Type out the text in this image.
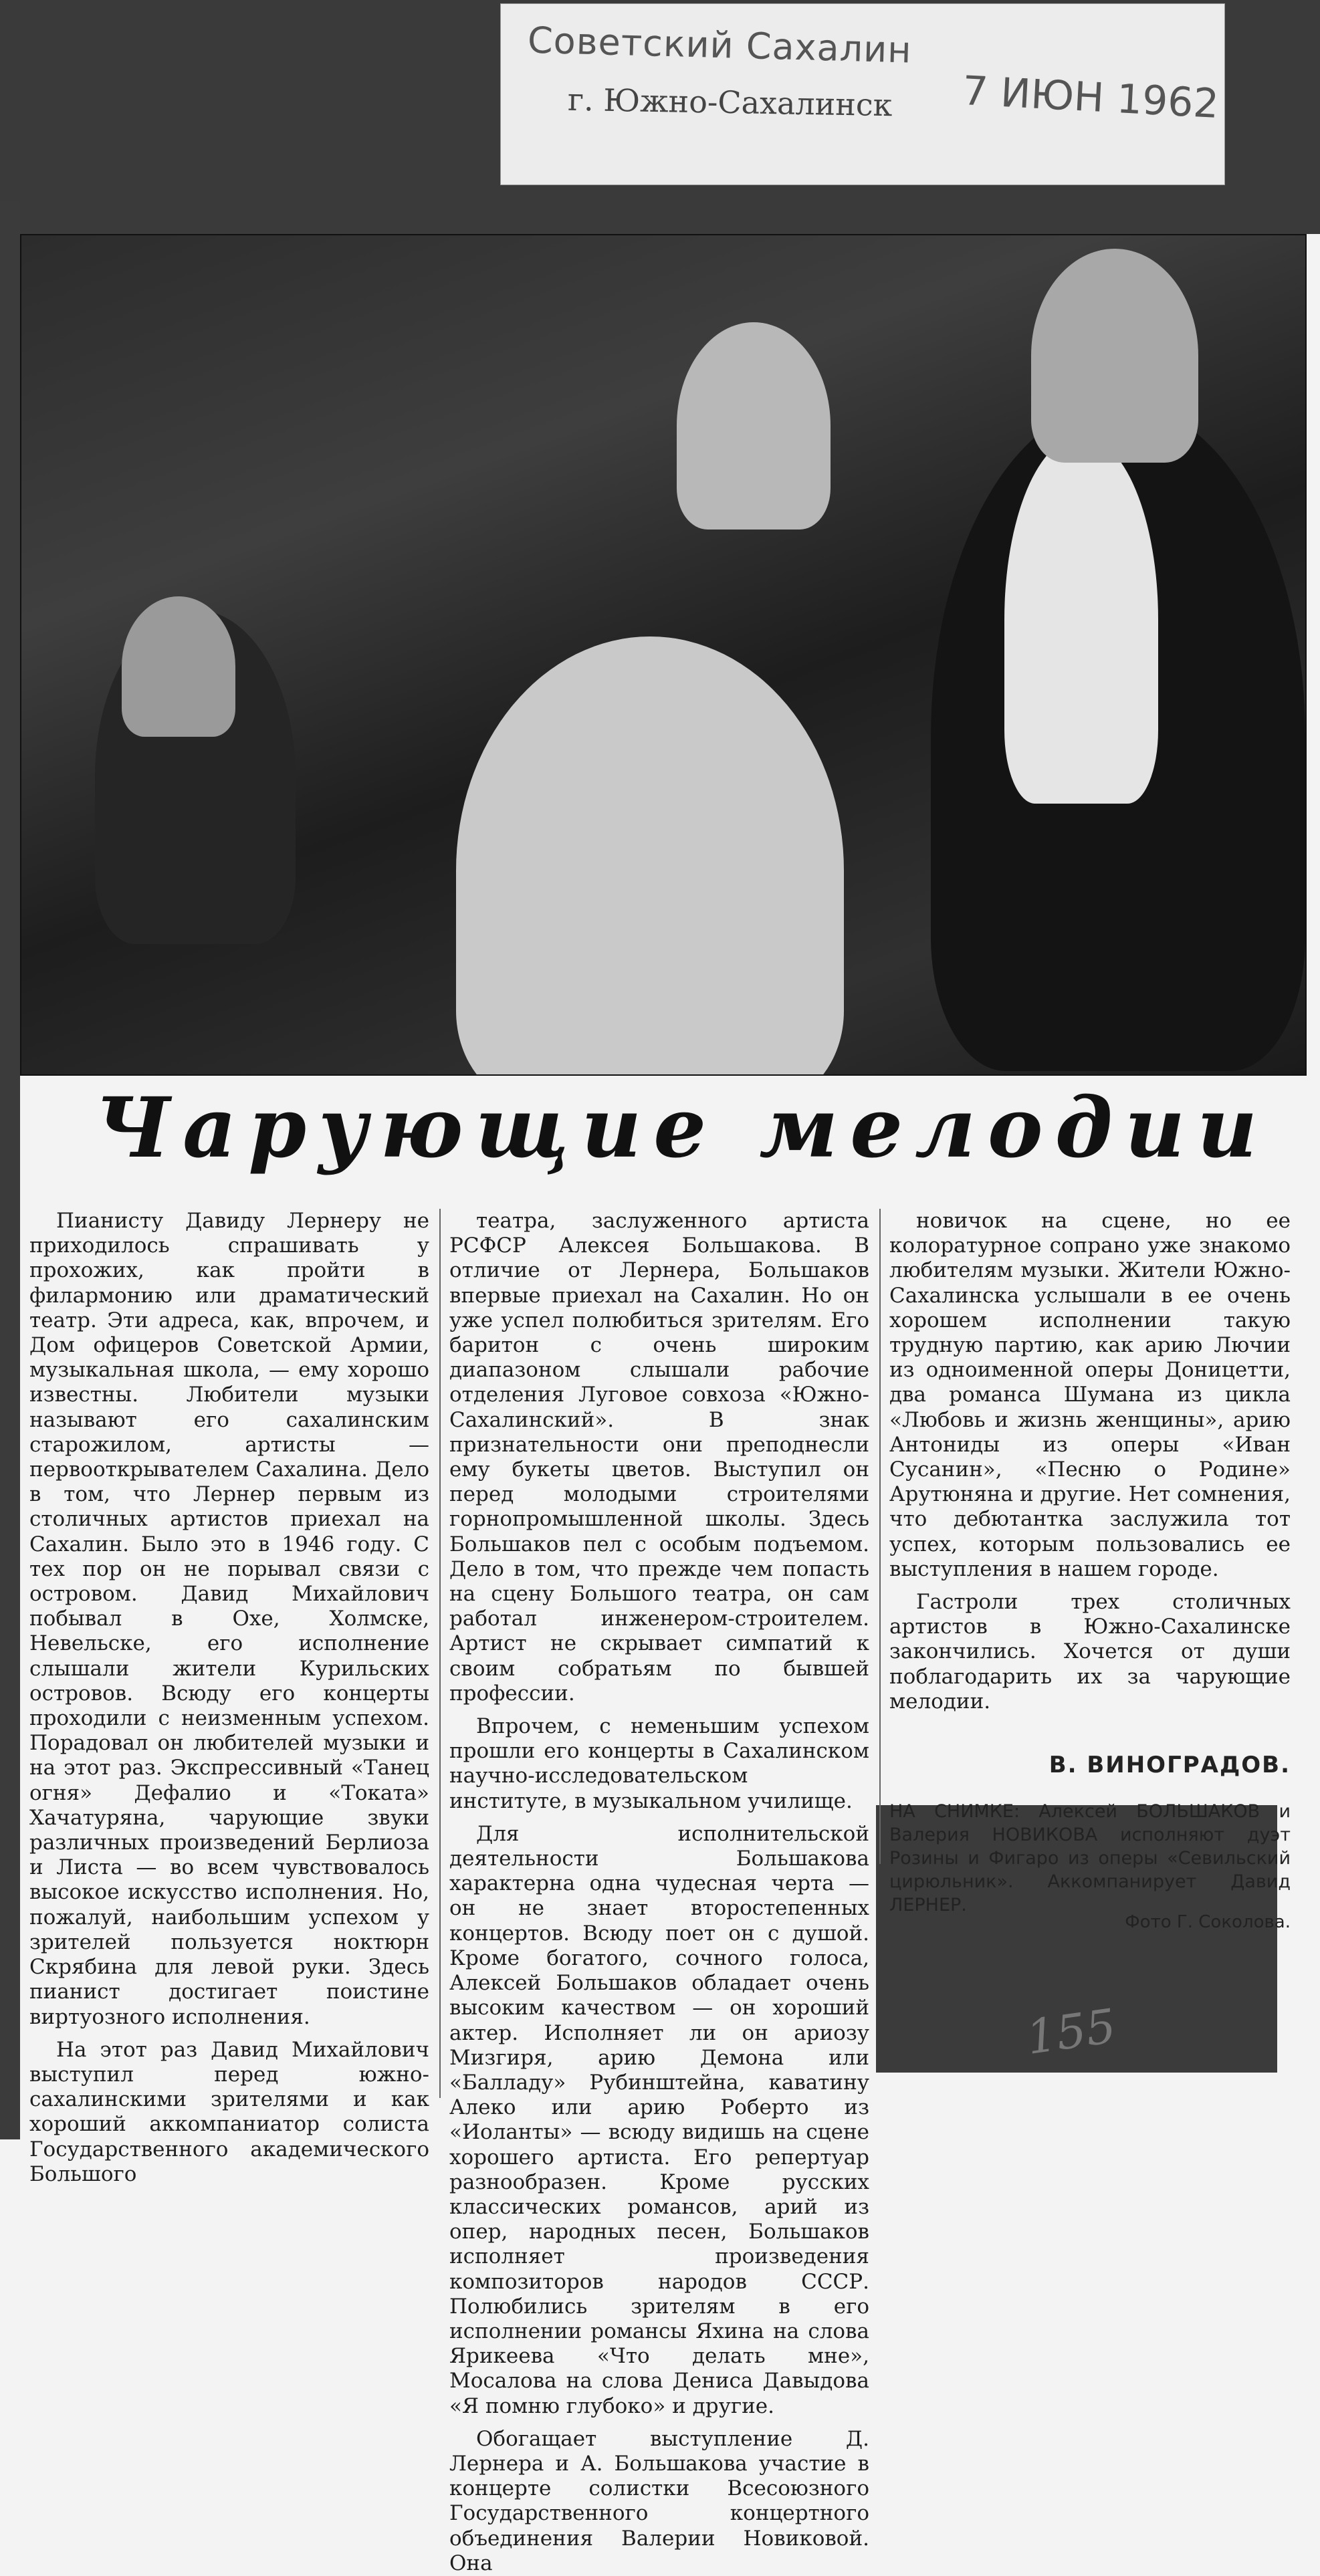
Советский Сахалин
г. Южно-Сахалинск 7 ИЮН 1962
Чарующие мелодии

Пианисту Давиду Лернеру не приходилось спрашивать у прохожих, как пройти в филармонию или драматический театр. Эти адреса, как, впрочем, и Дом офицеров Советской Армии, музыкальная школа, — ему хорошо известны. Любители музыки называют его сахалинским старожилом, артисты — первооткрывателем Сахалина. Дело в том, что Лернер первым из столичных артистов приехал на Сахалин. Было это в 1946 году. С тех пор он не порывал связи с островом. Давид Михайлович побывал в Охе, Холмске, Невельске, его исполнение слышали жители Курильских островов. Всюду его концерты проходили с неизменным успехом. Порадовал он любителей музыки и на этот раз. Экспрессивный «Танец огня» Дефалио и «Токата» Хачатуряна, чарующие звуки различных произведений Берлиоза и Листа — во всем чувствовалось высокое искусство исполнения. Но, пожалуй, наибольшим успехом у зрителей пользуется ноктюрн Скрябина для левой руки. Здесь пианист достигает поистине виртуозного исполнения.

На этот раз Давид Михайлович выступил перед южно-сахалинскими зрителями и как хороший аккомпаниатор солиста Государственного академического Большого

театра, заслуженного артиста РСФСР Алексея Большакова. В отличие от Лернера, Большаков впервые приехал на Сахалин. Но он уже успел полюбиться зрителям. Его баритон с очень широким диапазоном слышали рабочие отделения Луговое совхоза «Южно-Сахалинский». В знак признательности они преподнесли ему букеты цветов. Выступил он перед молодыми строителями горнопромышленной школы. Здесь Большаков пел с особым подъемом. Дело в том, что прежде чем попасть на сцену Большого театра, он сам работал инженером-строителем. Артист не скрывает симпатий к своим собратьям по бывшей профессии.

Впрочем, с неменьшим успехом прошли его концерты в Сахалинском научно-исследовательском институте, в музыкальном училище.

Для исполнительской деятельности Большакова характерна одна чудесная черта — он не знает второстепенных концертов. Всюду поет он с душой. Кроме богатого, сочного голоса, Алексей Большаков обладает очень высоким качеством — он хороший актер. Исполняет ли он ариозу Мизгиря, арию Демона или «Балладу» Рубинштейна, каватину Алеко или арию Роберто из «Иоланты» — всюду видишь на сцене хорошего артиста. Его репертуар разнообразен. Кроме русских классических романсов, арий из опер, народных песен, Большаков исполняет произведения композиторов народов СССР. Полюбились зрителям в его исполнении романсы Яхина на слова Ярикеева «Что делать мне», Мосалова на слова Дениса Давыдова «Я помню глубоко» и другие.

Обогащает выступление Д. Лернера и А. Большакова участие в концерте солистки Всесоюзного Государственного концертного объединения Валерии Новиковой. Она

новичок на сцене, но ее колоратурное сопрано уже знакомо любителям музыки. Жители Южно-Сахалинска услышали в ее очень хорошем исполнении такую трудную партию, как арию Лючии из одноименной оперы Доницетти, два романса Шумана из цикла «Любовь и жизнь женщины», арию Антониды из оперы «Иван Сусанин», «Песню о Родине» Арутюняна и другие. Нет сомнения, что дебютантка заслужила тот успех, которым пользовались ее выступления в нашем городе.

Гастроли трех столичных артистов в Южно-Сахалинске закончились. Хочется от души поблагодарить их за чарующие мелодии.

В. ВИНОГРАДОВ.
НА СНИМКЕ: Алексей БОЛЬШАКОВ и Валерия НОВИКОВА исполняют дуэт Розины и Фигаро из оперы «Севильский цирюльник». Аккомпанирует Давид ЛЕРНЕР.
Фото Г. Соколова.
155
